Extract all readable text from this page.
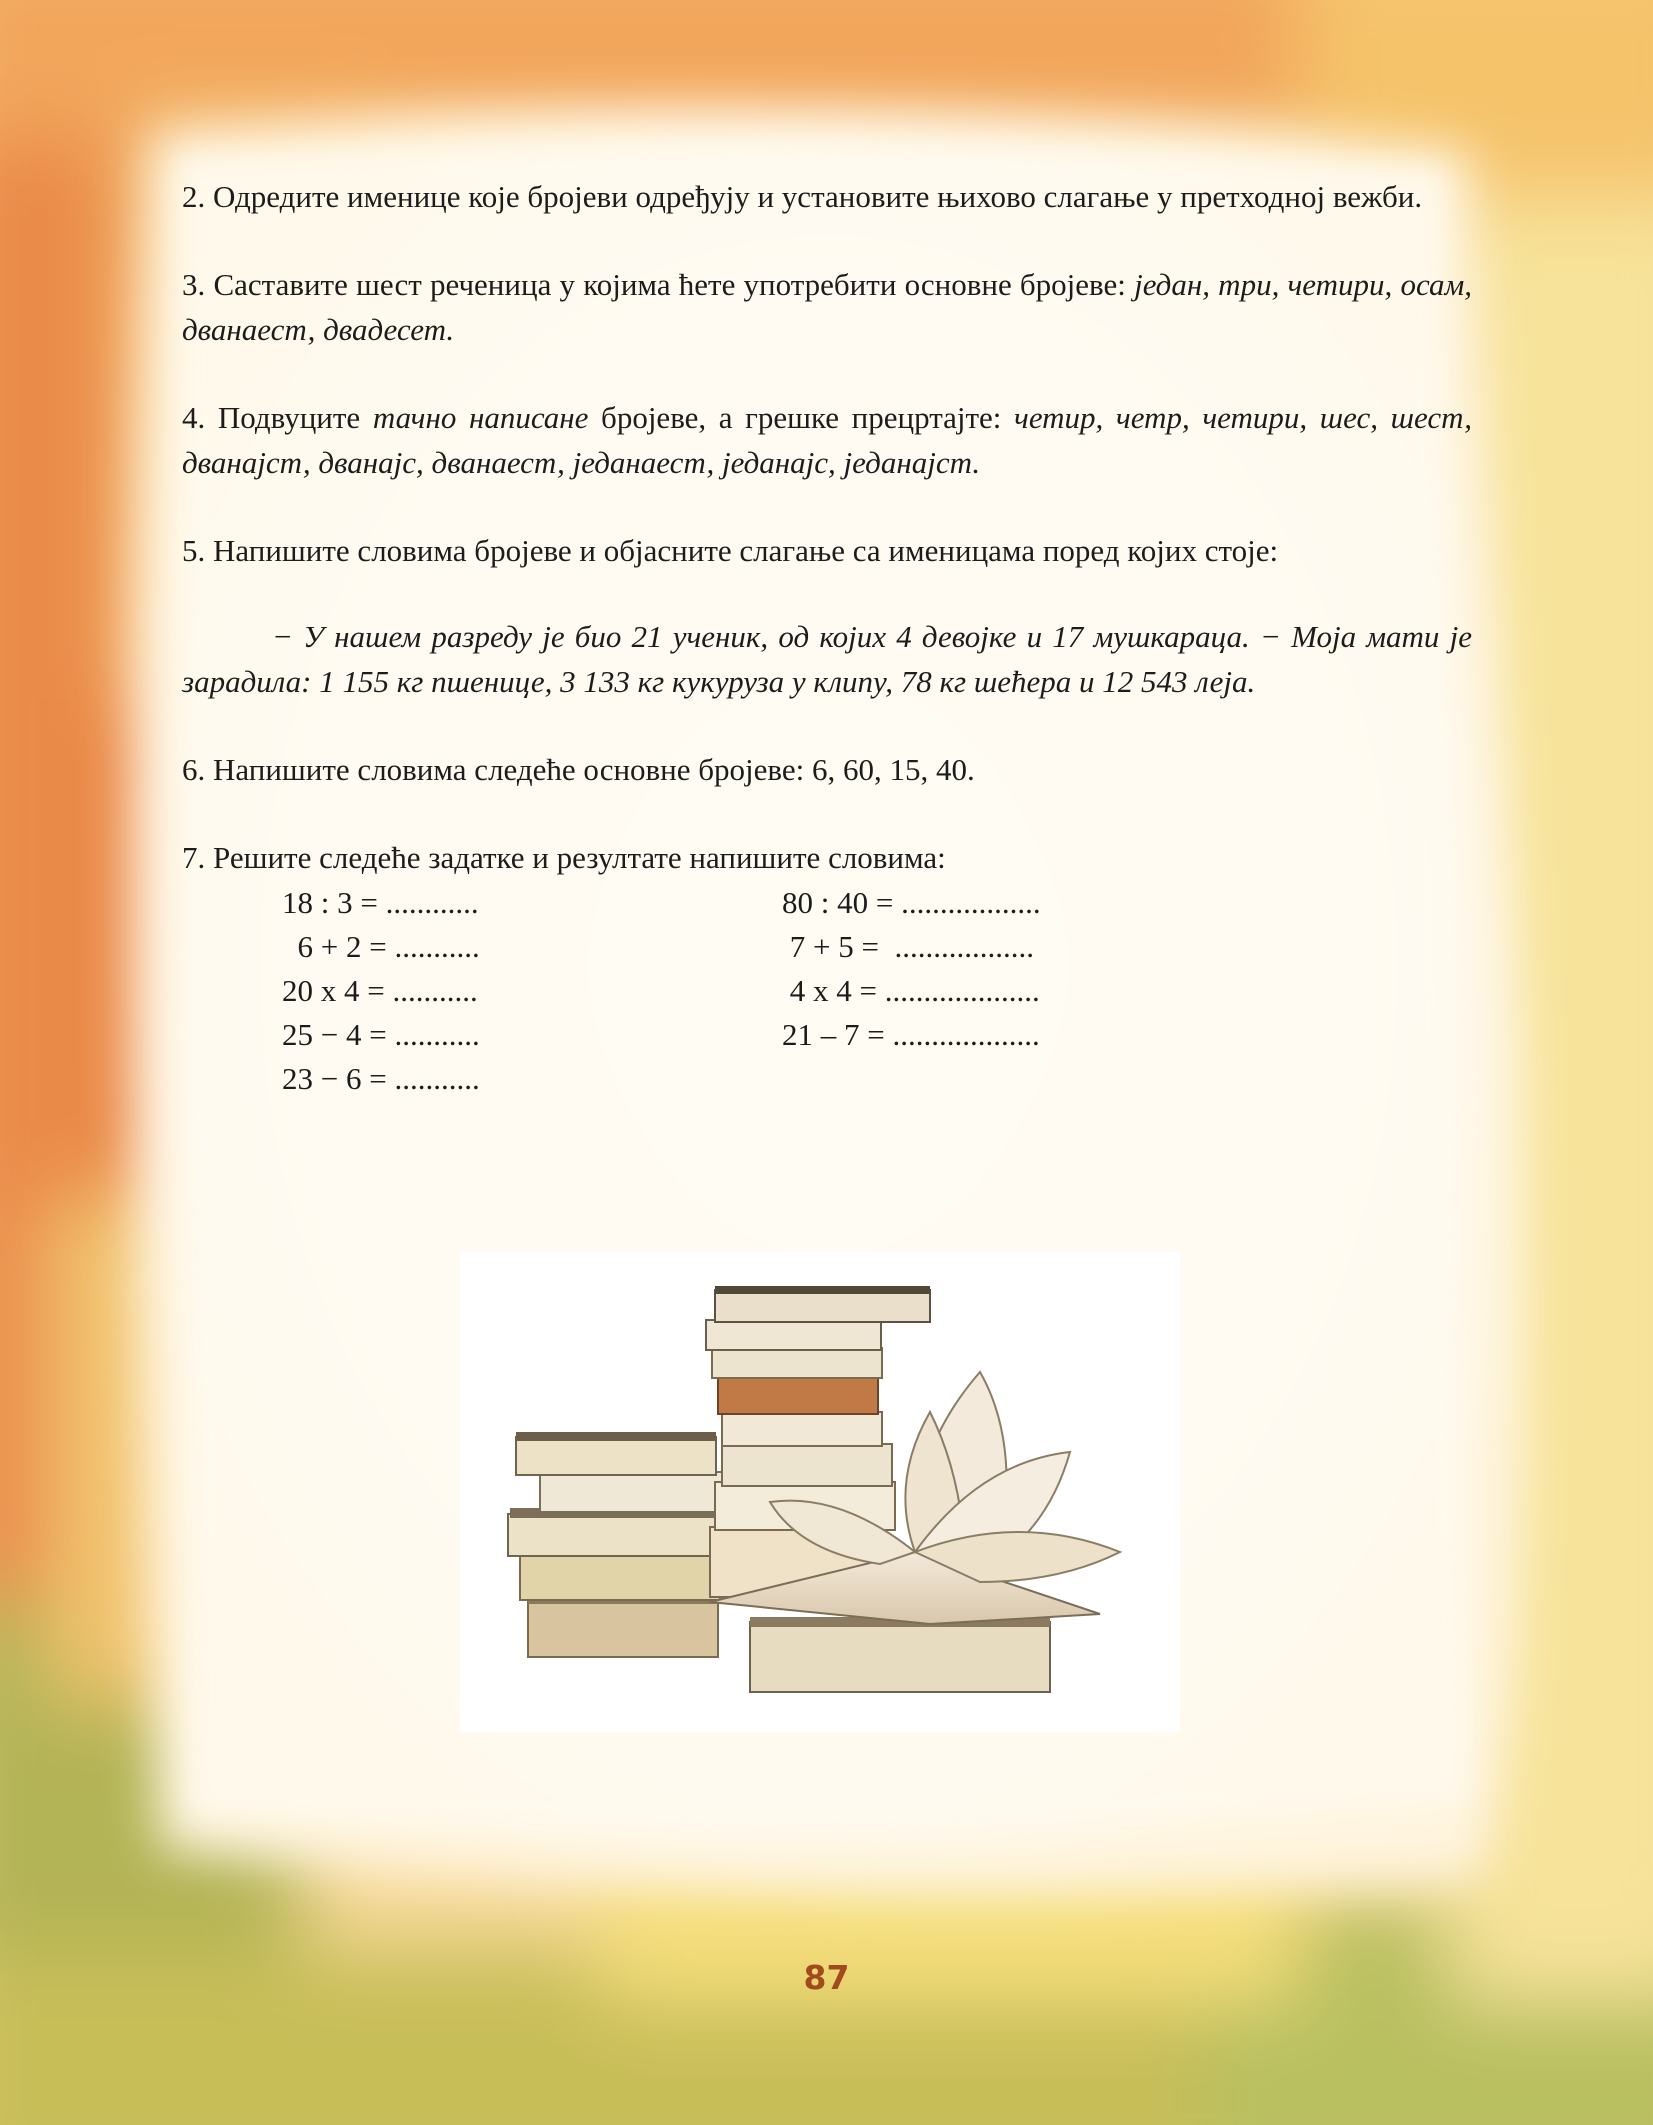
2. Одредите именице које бројеви одређују и установите њихово слагање у претходној вежби.

3. Саставите шест реченица у којима ћете употребити основне бројеве: један, три, четири, осам, дванаест, двадесет.

4. Подвуците тачно написане бројеве, а грешке прецртајте: четир, четр, четири, шес, шест, дванајст, дванајс, дванаест, једанаест, једанајс, једанајст.

5. Напишите словима бројеве и објасните слагање са именицама поред којих стоје:

− У нашем разреду је био 21 ученик, од којих 4 девојке и 17 мушкараца. − Моја мати је зарадила: 1 155 кг пшенице, 3 133 кг кукуруза у клипу, 78 кг шећера и 12 543 леја.

6. Напишите словима следеће основне бројеве: 6, 60, 15, 40.

7. Решите следеће задатке и резултате напишите словима:

18 : 3 = ............
6 + 2 = ...........
20 x 4 = ...........
25 − 4 = ...........
23 − 6 = ...........
80 : 40 = ..................
7 + 5 =  ..................
4 x 4 = ....................
21 – 7 = ...................
87
